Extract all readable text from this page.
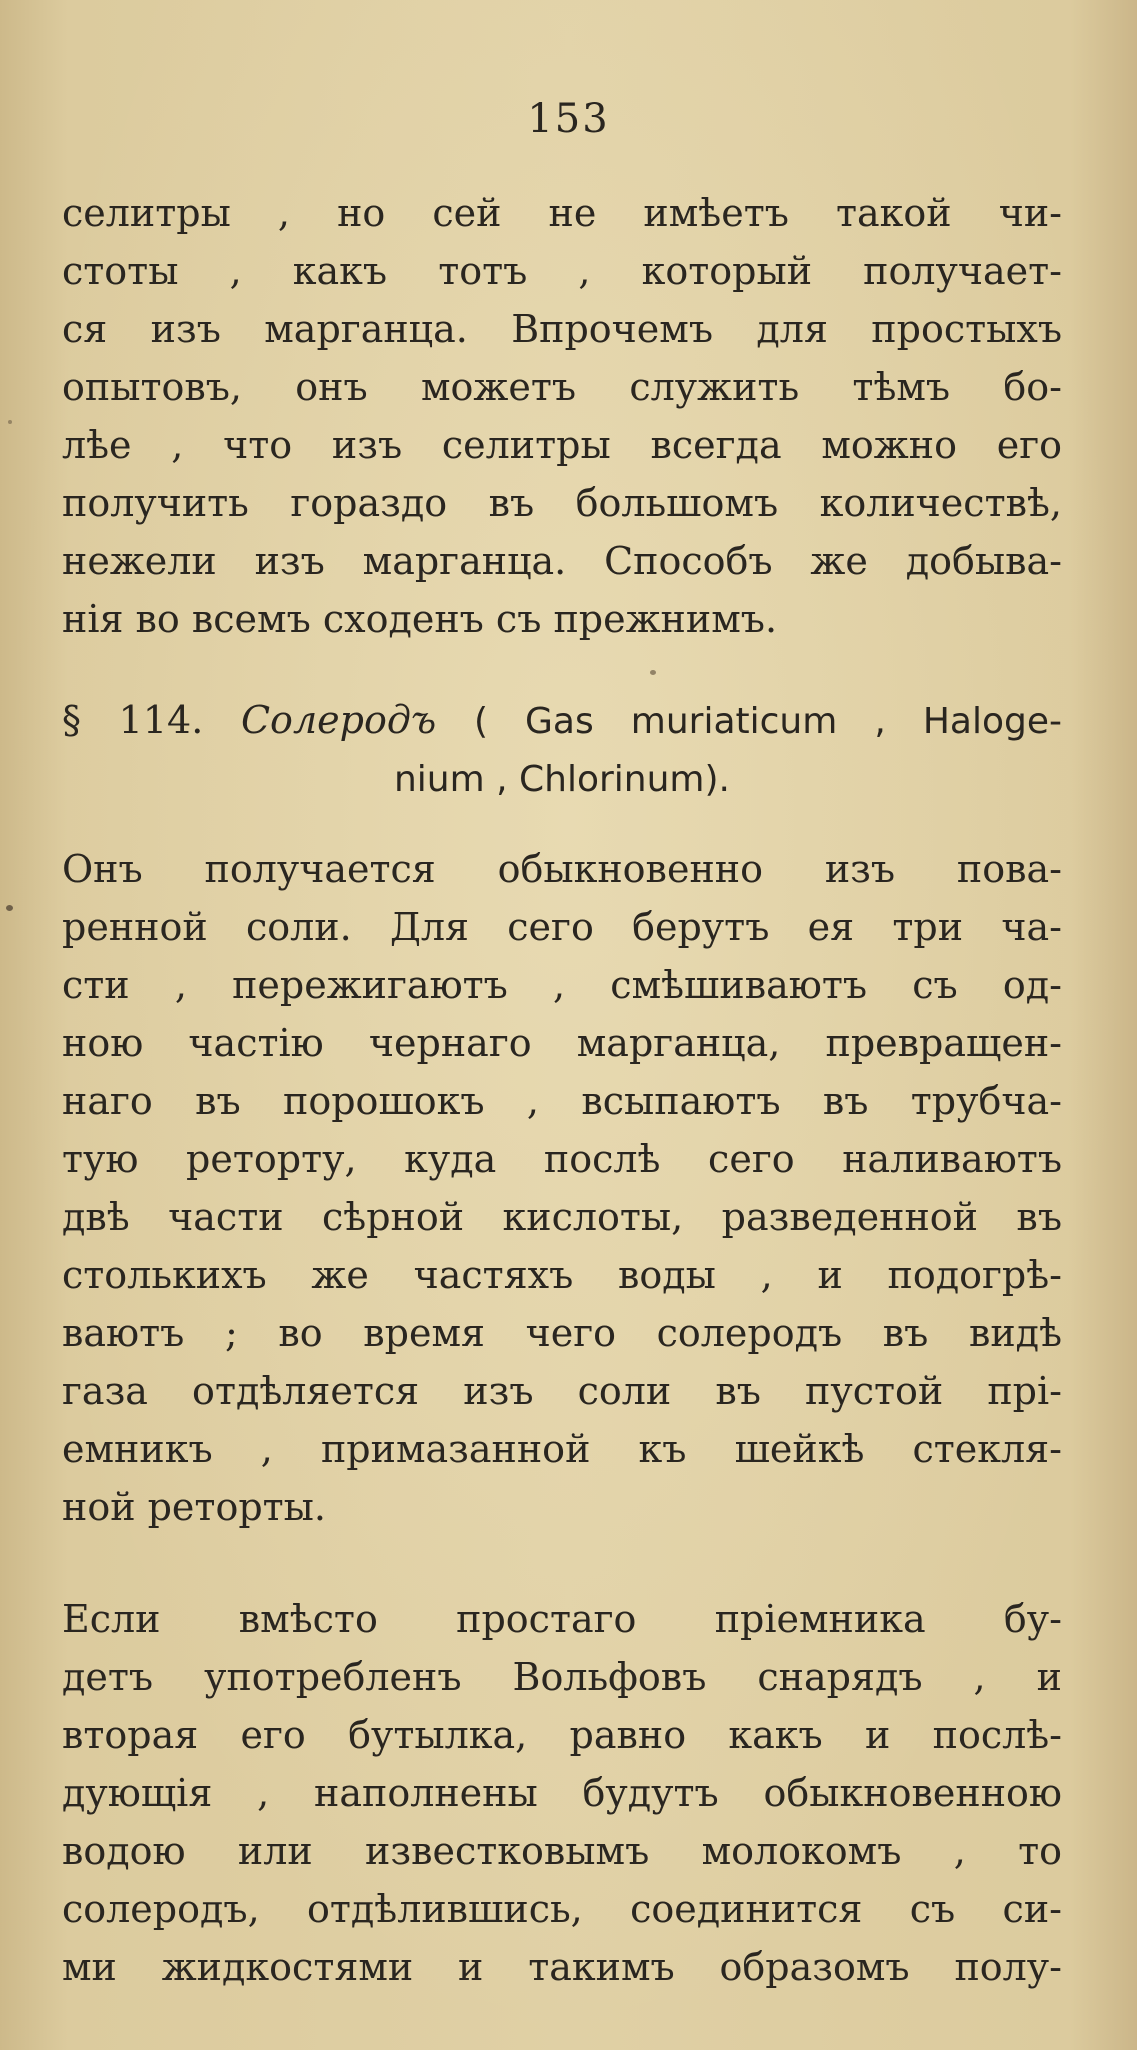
153
селитры , но сей не имѣетъ такой чи-
стоты , какъ тотъ , который получает-
ся изъ марганца. Впрочемъ для простыхъ
опытовъ, онъ можетъ служить тѣмъ бо-
лѣе , что изъ селитры всегда можно его
получить гораздо въ большомъ количествѣ,
нежели изъ марганца. Способъ же добыва-
нія во всемъ сходенъ съ прежнимъ.
§ 114. Солеродъ ( Gas muriaticum , Haloge-
nium , Chlorinum).
Онъ получается обыкновенно изъ пова-
ренной соли. Для сего берутъ ея три ча-
сти , пережигаютъ , смѣшиваютъ съ од-
ною частію чернаго марганца, превращен-
наго въ порошокъ , всыпаютъ въ трубча-
тую реторту, куда послѣ сего наливаютъ
двѣ части сѣрной кислоты, разведенной въ
столькихъ же частяхъ воды , и подогрѣ-
ваютъ ; во время чего солеродъ въ видѣ
газа отдѣляется изъ соли въ пустой прі-
емникъ , примазанной къ шейкѣ стекля-
ной реторты.
Если вмѣсто простаго пріемника бу-
детъ употребленъ Вольфовъ снарядъ , и
вторая его бутылка, равно какъ и послѣ-
дующія , наполнены будутъ обыкновенною
водою или известковымъ молокомъ , то
солеродъ, отдѣлившись, соединится съ си-
ми жидкостями и такимъ образомъ полу-
